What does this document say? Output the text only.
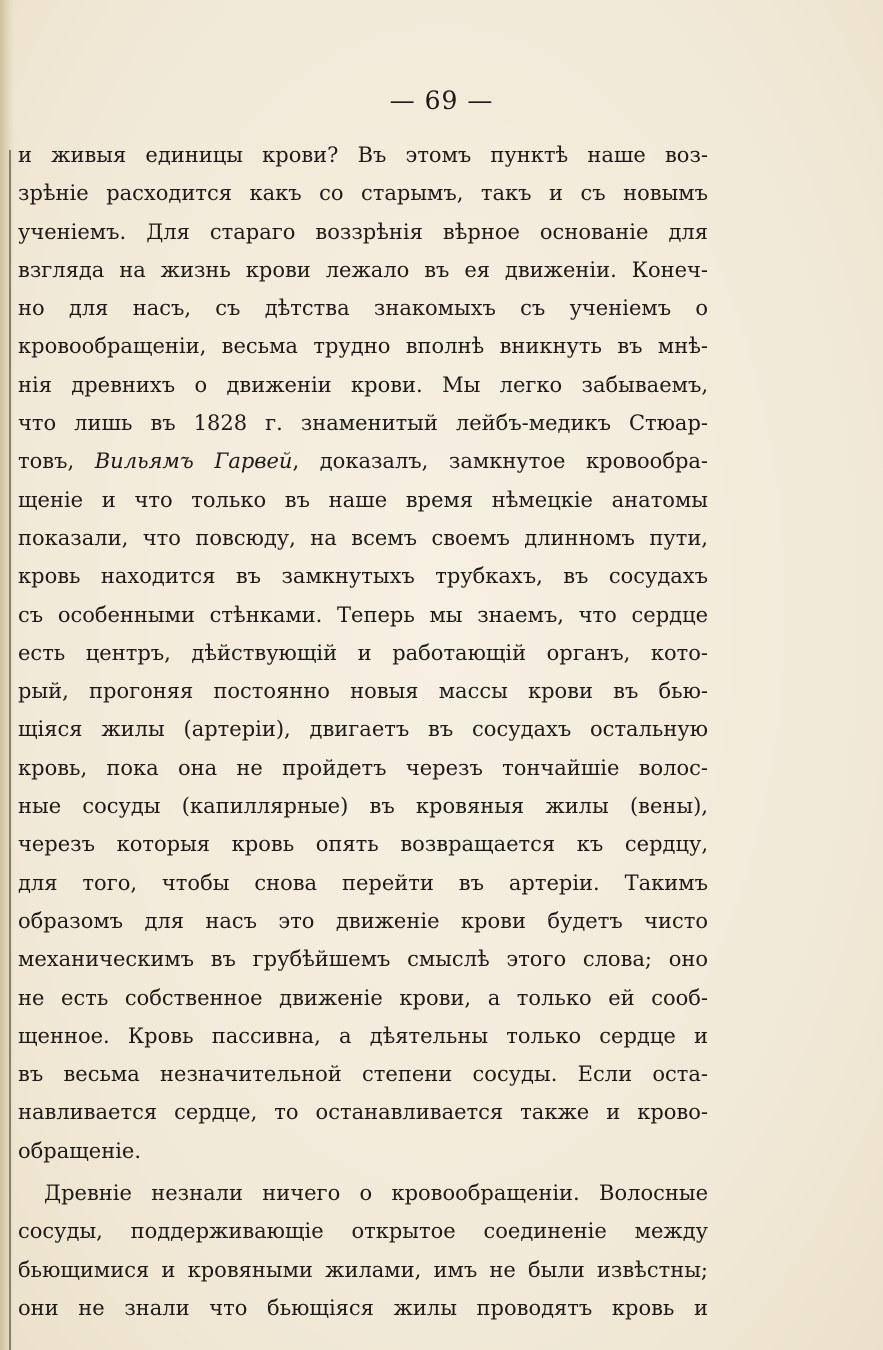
— 69 —
и живыя единицы крови? Въ этомъ пунктѣ наше воз-
зрѣніе расходится какъ со старымъ, такъ и съ новымъ
ученіемъ. Для стараго воззрѣнія вѣрное основаніе для
взгляда на жизнь крови лежало въ ея движеніи. Конеч-
но для насъ, съ дѣтства знакомыхъ съ ученіемъ о
кровообращеніи, весьма трудно вполнѣ вникнуть въ мнѣ-
нія древнихъ о движеніи крови. Мы легко забываемъ,
что лишь въ 1828 г. знаменитый лейбъ-медикъ Стюар-
товъ, Вильямъ Гарвей, доказалъ, замкнутое кровообра-
щеніе и что только въ наше время нѣмецкіе анатомы
показали, что повсюду, на всемъ своемъ длинномъ пути,
кровь находится въ замкнутыхъ трубкахъ, въ сосудахъ
съ особенными стѣнками. Теперь мы знаемъ, что сердце
есть центръ, дѣйствующій и работающій органъ, кото-
рый, прогоняя постоянно новыя массы крови въ бью-
щіяся жилы (артеріи), двигаетъ въ сосудахъ остальную
кровь, пока она не пройдетъ черезъ тончайшіе волос-
ные сосуды (капиллярные) въ кровяныя жилы (вены),
черезъ которыя кровь опять возвращается къ сердцу,
для того, чтобы снова перейти въ артеріи. Такимъ
образомъ для насъ это движеніе крови будетъ чисто
механическимъ въ грубѣйшемъ смыслѣ этого слова; оно
не есть собственное движеніе крови, а только ей сооб-
щенное. Кровь пассивна, а дѣятельны только сердце и
въ весьма незначительной степени сосуды. Если оста-
навливается сердце, то останавливается также и крово-
обращеніе.
Древніе незнали ничего о кровообращеніи. Волосные
сосуды, поддерживающіе открытое соединеніе между
бьющимися и кровяными жилами, имъ не были извѣстны;
они не знали что бьющіяся жилы проводятъ кровь и
